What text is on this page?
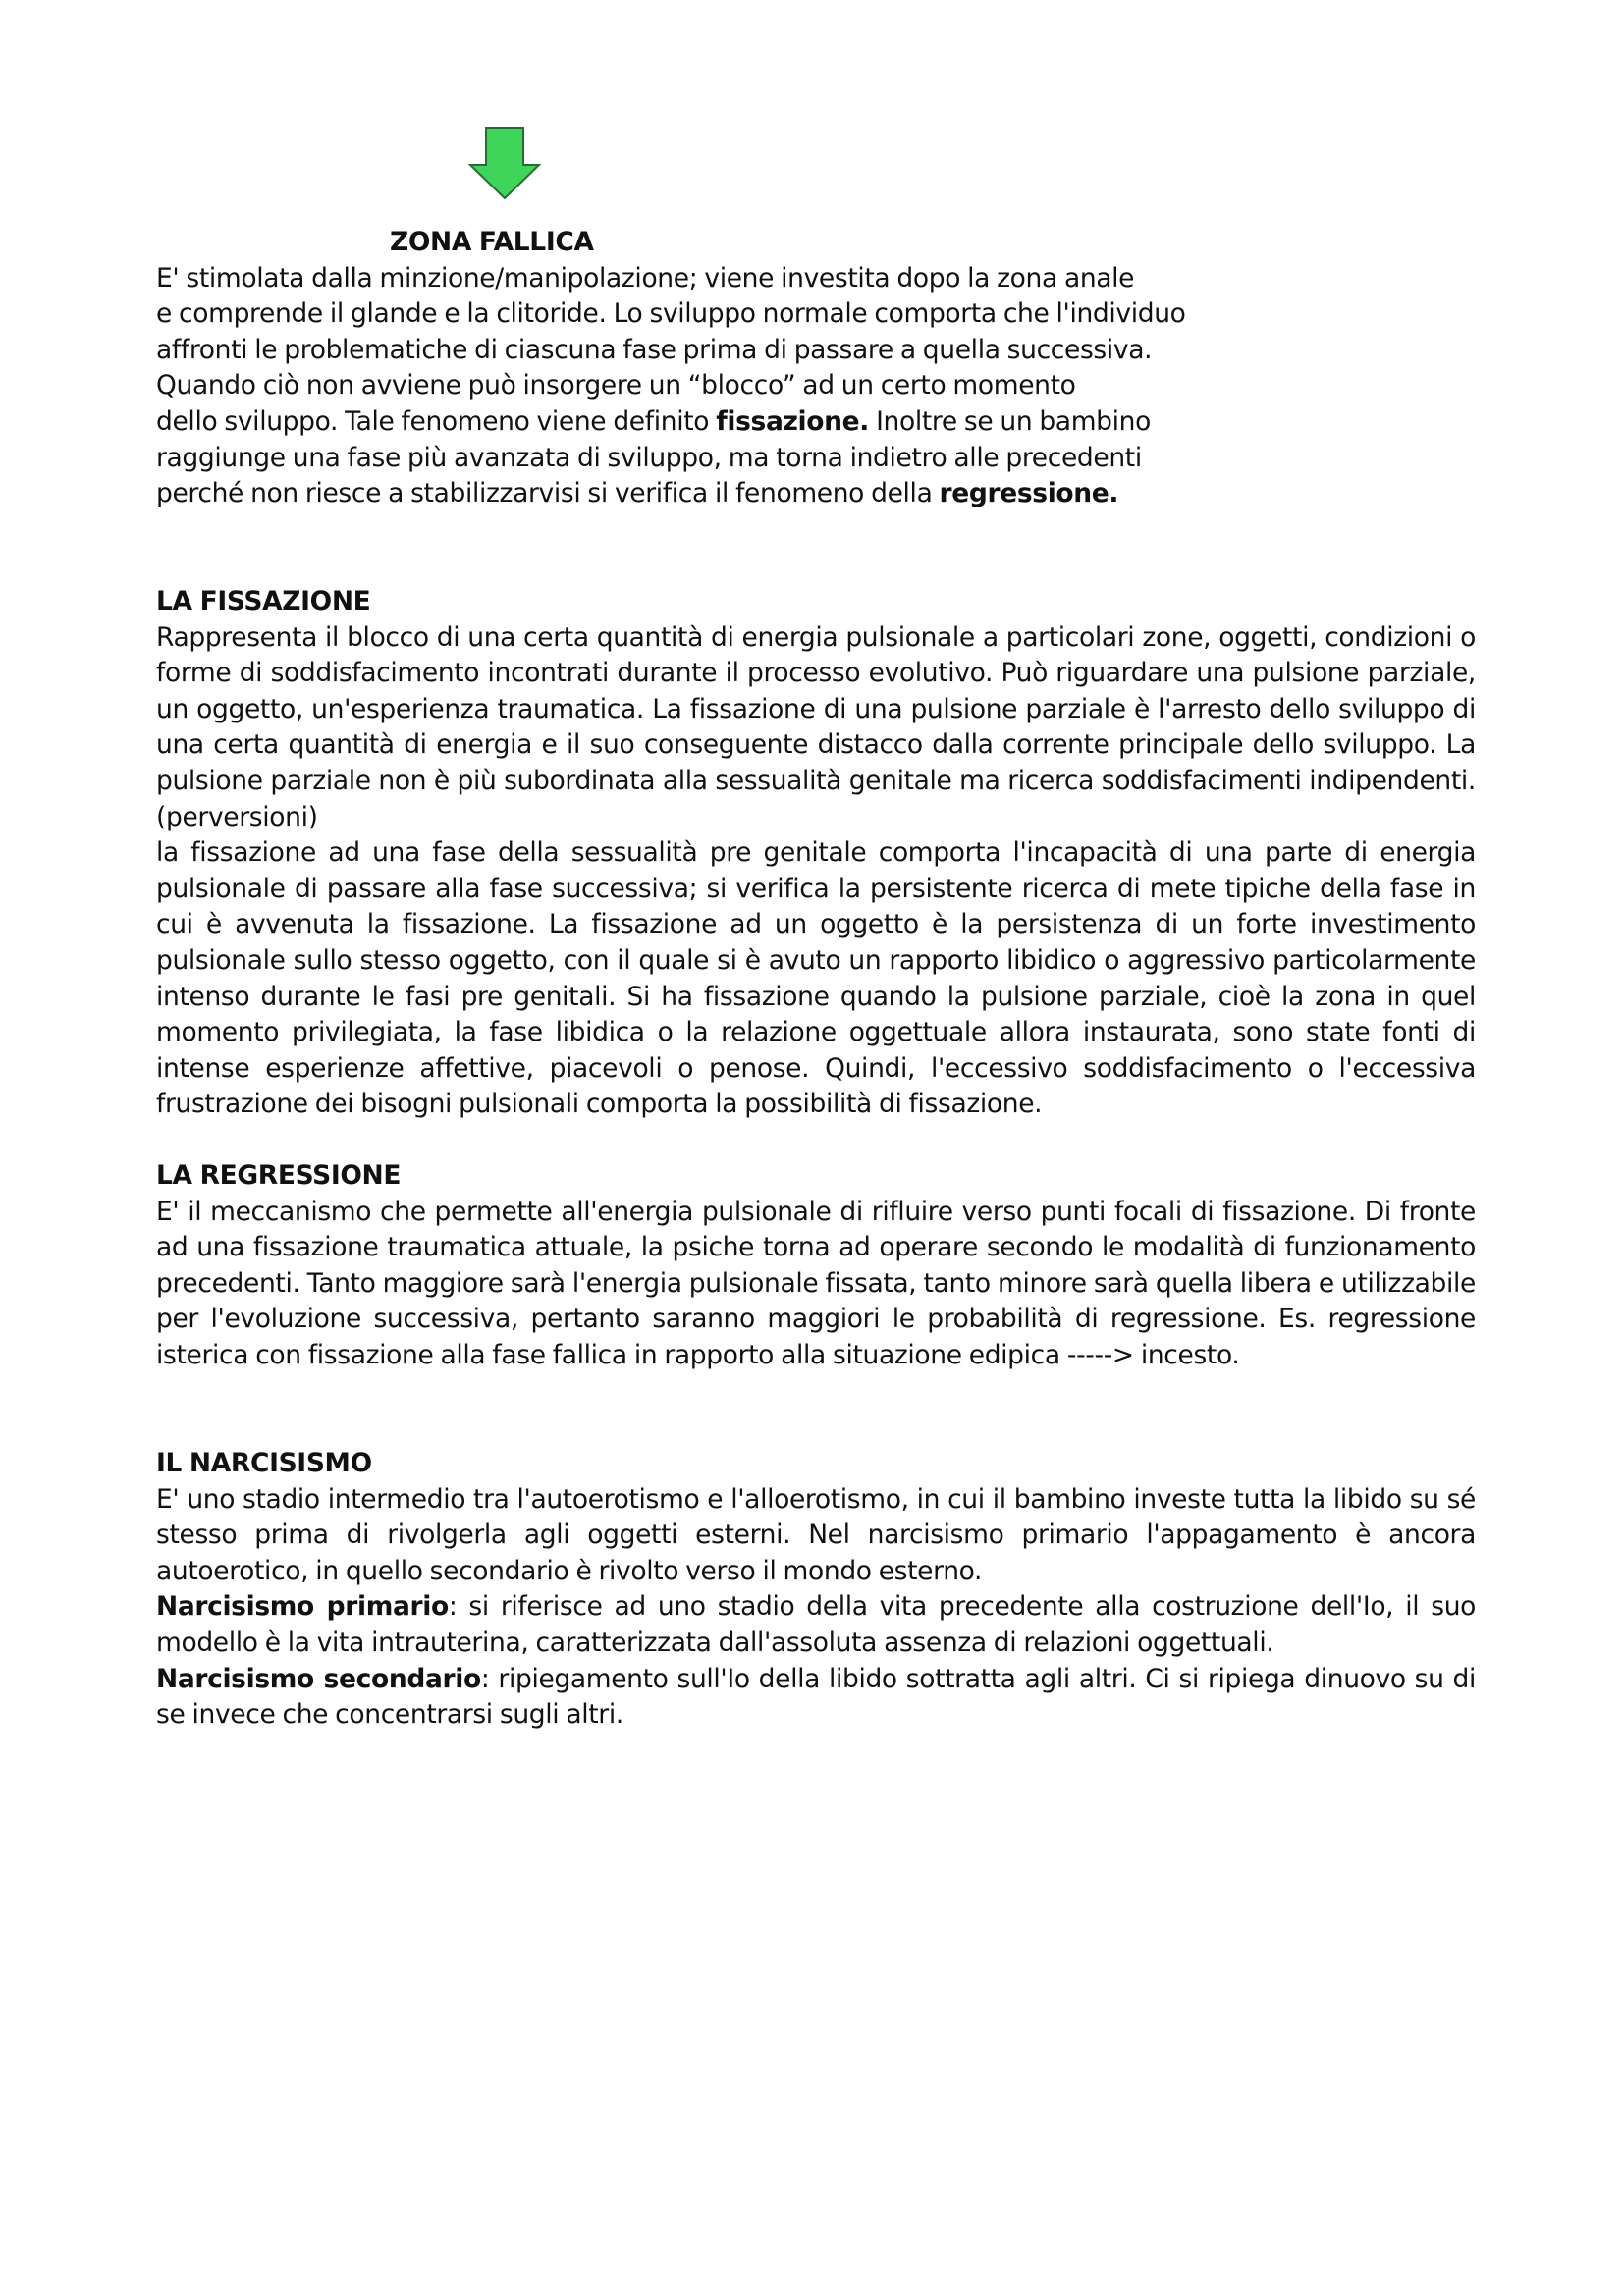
ZONA FALLICA
E' stimolata dalla minzione/manipolazione; viene investita dopo la zona anale
e comprende il glande e la clitoride. Lo sviluppo normale comporta che l'individuo
affronti le problematiche di ciascuna fase prima di passare a quella successiva.
Quando ciò non avviene può insorgere un “blocco” ad un certo momento
dello sviluppo. Tale fenomeno viene definito fissazione. Inoltre se un bambino
raggiunge una fase più avanzata di sviluppo, ma torna indietro alle precedenti
perché non riesce a stabilizzarvisi si verifica il fenomeno della regressione.
LA FISSAZIONE
Rappresenta il blocco di una certa quantità di energia pulsionale a particolari zone, oggetti, condizioni o forme di soddisfacimento incontrati durante il processo evolutivo. Può riguardare una pulsione parziale, un oggetto, un'esperienza traumatica. La fissazione di una pulsione parziale è l'arresto dello sviluppo di una certa quantità di energia e il suo conseguente distacco dalla corrente principale dello sviluppo. La pulsione parziale non è più subordinata alla sessualità genitale ma ricerca soddisfacimenti indipendenti. (perversioni)
la fissazione ad una fase della sessualità pre genitale comporta l'incapacità di una parte di energia pulsionale di passare alla fase successiva; si verifica la persistente ricerca di mete tipiche della fase in cui è avvenuta la fissazione. La fissazione ad un oggetto è la persistenza di un forte investimento pulsionale sullo stesso oggetto, con il quale si è avuto un rapporto libidico o aggressivo particolarmente intenso durante le fasi pre genitali. Si ha fissazione quando la pulsione parziale, cioè la zona in quel momento privilegiata, la fase libidica o la relazione oggettuale allora instaurata, sono state fonti di intense esperienze affettive, piacevoli o penose. Quindi, l'eccessivo soddisfacimento o l'eccessiva frustrazione dei bisogni pulsionali comporta la possibilità di fissazione.
LA REGRESSIONE
E' il meccanismo che permette all'energia pulsionale di rifluire verso punti focali di fissazione. Di fronte ad una fissazione traumatica attuale, la psiche torna ad operare secondo le modalità di funzionamento precedenti. Tanto maggiore sarà l'energia pulsionale fissata, tanto minore sarà quella libera e utilizzabile per l'evoluzione successiva, pertanto saranno maggiori le probabilità di regressione. Es. regressione isterica con fissazione alla fase fallica in rapporto alla situazione edipica -----> incesto.
IL NARCISISMO
E' uno stadio intermedio tra l'autoerotismo e l'alloerotismo, in cui il bambino investe tutta la libido su sé stesso prima di rivolgerla agli oggetti esterni. Nel narcisismo primario l'appagamento è ancora autoerotico, in quello secondario è rivolto verso il mondo esterno.
Narcisismo primario: si riferisce ad uno stadio della vita precedente alla costruzione dell'Io, il suo modello è la vita intrauterina, caratterizzata dall'assoluta assenza di relazioni oggettuali.
Narcisismo secondario: ripiegamento sull'Io della libido sottratta agli altri. Ci si ripiega dinuovo su di se invece che concentrarsi sugli altri.
